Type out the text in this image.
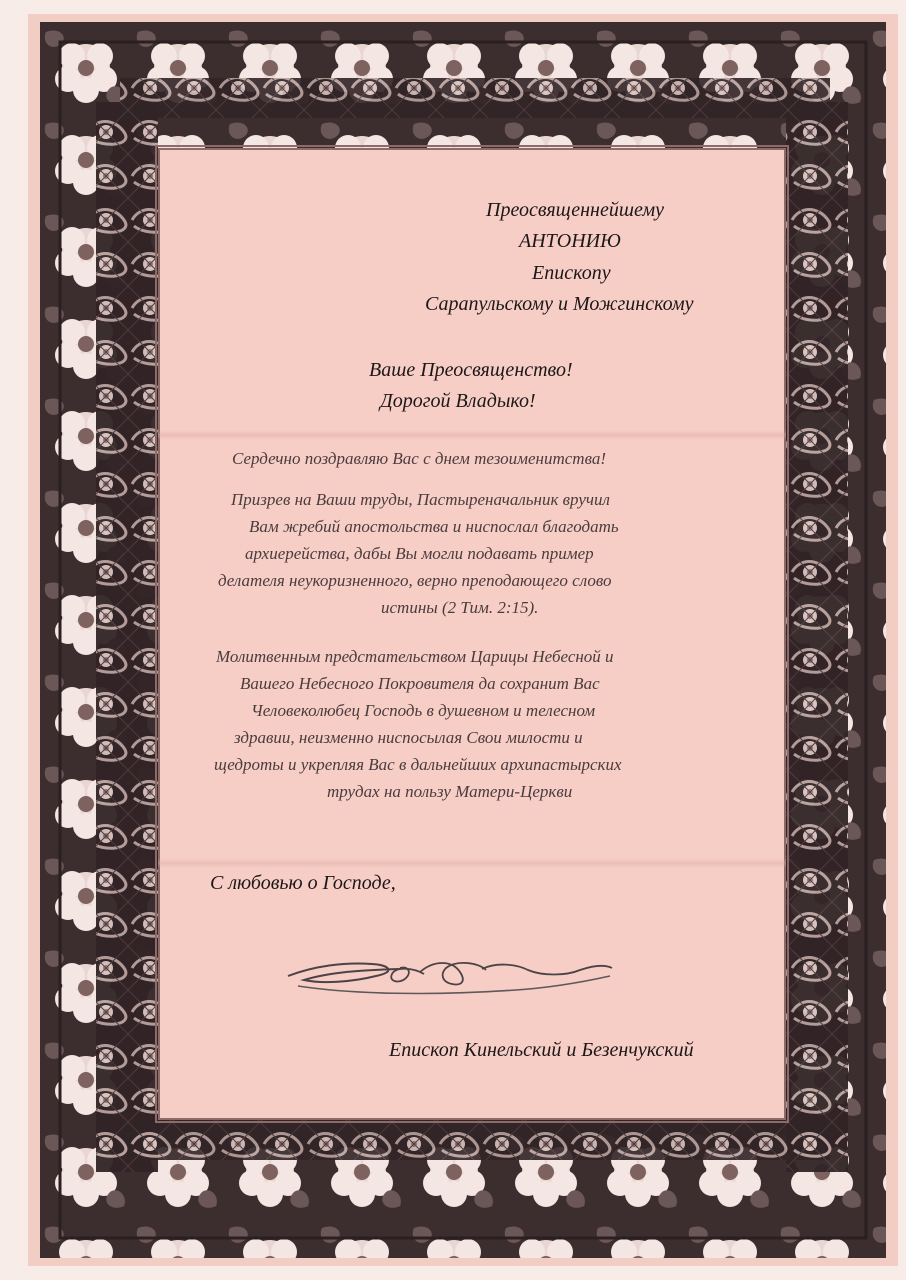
Преосвященнейшему
АНТОНИЮ
Епископу
Сарапульскому и Можгинскому
Ваше Преосвященство!
Дорогой Владыко!
Сердечно поздравляю Вас с днем тезоименитства!
Призрев на Ваши труды, Пастыреначальник вручил
Вам жребий апостольства и ниспослал благодать
архиерейства, дабы Вы могли подавать пример
делателя неукоризненного, верно преподающего слово
истины (2 Тим. 2:15).
Молитвенным предстательством Царицы Небесной и
Вашего Небесного Покровителя да сохранит Вас
Человеколюбец Господь в душевном и телесном
здравии, неизменно ниспосылая Свои милости и
щедроты и укрепляя Вас в дальнейших архипастырских
трудах на пользу Матери-Церкви
С любовью о Господе,
Епископ Кинельский и Безенчукский
